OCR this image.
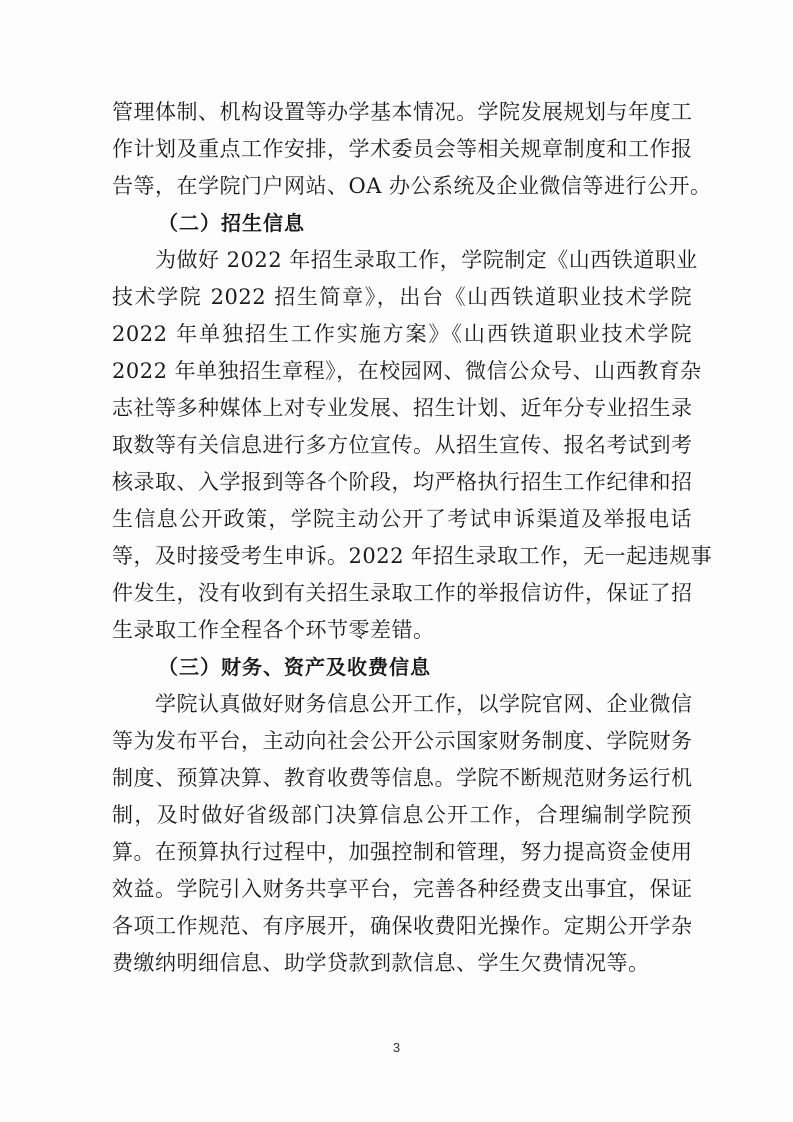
管理体制、机构设置等办学基本情况。学院发展规划与年度工
作计划及重点工作安排，学术委员会等相关规章制度和工作报
告等，在学院门户网站、OA 办公系统及企业微信等进行公开。
（二）招生信息
　　为做好 2022 年招生录取工作，学院制定《山西铁道职业
技术学院 2022 招生简章》，出台《山西铁道职业技术学院
2022 年单独招生工作实施方案》《山西铁道职业技术学院
2022 年单独招生章程》，在校园网、微信公众号、山西教育杂
志社等多种媒体上对专业发展、招生计划、近年分专业招生录
取数等有关信息进行多方位宣传。从招生宣传、报名考试到考
核录取、入学报到等各个阶段，均严格执行招生工作纪律和招
生信息公开政策，学院主动公开了考试申诉渠道及举报电话
等，及时接受考生申诉。2022 年招生录取工作，无一起违规事
件发生，没有收到有关招生录取工作的举报信访件，保证了招
生录取工作全程各个环节零差错。
（三）财务、资产及收费信息
　　学院认真做好财务信息公开工作，以学院官网、企业微信
等为发布平台，主动向社会公开公示国家财务制度、学院财务
制度、预算决算、教育收费等信息。学院不断规范财务运行机
制，及时做好省级部门决算信息公开工作，合理编制学院预
算。在预算执行过程中，加强控制和管理，努力提高资金使用
效益。学院引入财务共享平台，完善各种经费支出事宜，保证
各项工作规范、有序展开，确保收费阳光操作。定期公开学杂
费缴纳明细信息、助学贷款到款信息、学生欠费情况等。
3
